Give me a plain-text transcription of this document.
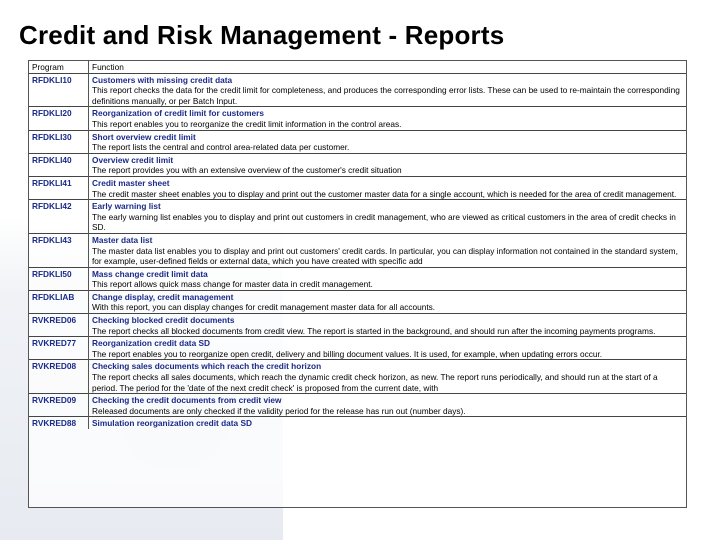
Credit and Risk Management - Reports
Program	Function
RFDKLI10	Customers with missing credit data
This report checks the data for the credit limit for completeness, and produces the corresponding error lists. These can be used to re-maintain the corresponding definitions manually, or per Batch Input.

RFDKLI20	Reorganization of credit limit for customers
This report enables you to reorganize the credit limit information in the control areas.

RFDKLI30	Short overview credit limit
The report lists the central and control area-related data per customer.

RFDKLI40	Overview credit limit
The report provides you with an extensive overview of the customer's credit situation

RFDKLI41	Credit master sheet
The credit master sheet enables you to display and print out the customer master data for a single account, which is needed for the area of credit management.

RFDKLI42	Early warning list
The early warning list enables you to display and print out customers in credit management, who are viewed as critical customers in the area of credit checks in SD.

RFDKLI43	Master data list
The master data list enables you to display and print out customers' credit cards. In particular, you can display information not contained in the standard system, for example, user-defined fields or external data, which you have created with specific add

RFDKLI50	Mass change credit limit data
This report allows quick mass change for master data in credit management.

RFDKLIAB	Change display, credit management
With this report, you can display changes for credit management master data for all accounts.

RVKRED06	Checking blocked credit documents
The report checks all blocked documents from credit view. The report is started in the background, and should run after the incoming payments programs.

RVKRED77	Reorganization credit data SD
The report enables you to reorganize open credit, delivery and billing document values. It is used, for example, when updating errors occur.

RVKRED08	Checking sales documents which reach the credit horizon
The report checks all sales documents, which reach the dynamic credit check horizon, as new. The report runs periodically, and should run at the start of a period. The period for the 'date of the next credit check' is proposed from the current date, with

RVKRED09	Checking the credit documents from credit view
Released documents are only checked if the validity period for the release has run out (number days).

RVKRED88	Simulation reorganization credit data SD
